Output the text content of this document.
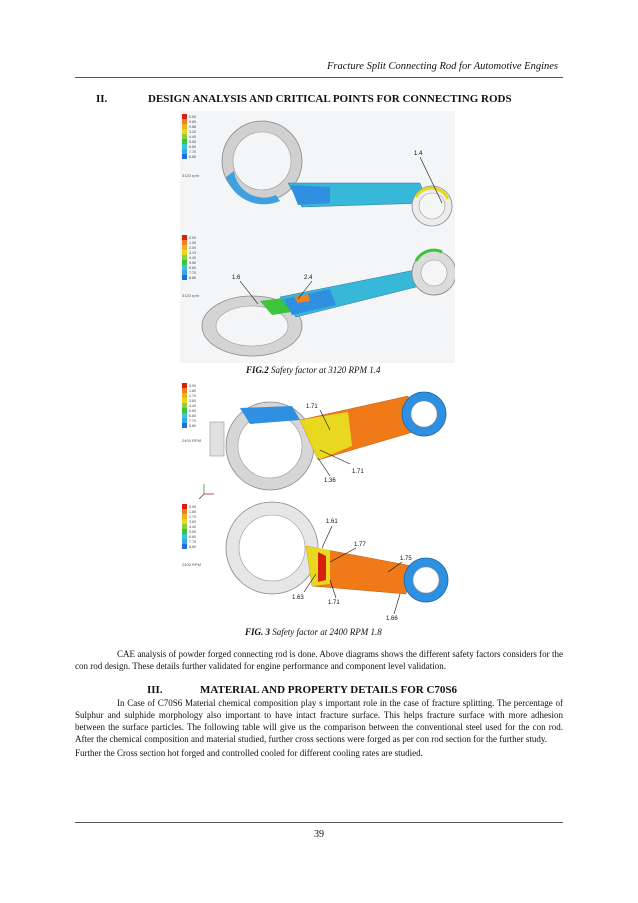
Fracture Split Connecting Rod for Automotive Engines
II.	DESIGN ANALYSIS AND CRITICAL POINTS FOR CONNECTING RODS
0.00
0.89
0.88
3.20
4.40
5.50
6.60
7.70
8.80
3120 rpm
1.4
0.00
1.09
2.09
3.19
4.40
5.50
6.60
7.70
8.80
3120 rpm
1.6	2.4
FIG.2 Safety factor at 3120 RPM 1.4
0.90
1.80
2.70
3.60
4.40
5.50
6.60
7.70
8.80
2400 RPM
1.71
1.71
1.36
0.90
1.80
2.70
3.60
4.40
5.50
6.60
7.70
8.80
2400 RPM
1.61
1.77
1.75
1.63
1.71
1.66
FIG. 3 Safety factor at 2400 RPM 1.8
CAE analysis of powder forged connecting rod is done. Above diagrams shows the different safety factors considers for the con rod design. These details further validated for engine performance and component level validation.
III.	MATERIAL AND PROPERTY DETAILS FOR C70S6
In Case of C70S6 Material chemical composition play s important role in the case of fracture splitting. The percentage of Sulphur and sulphide morphology also important to have intact fracture surface. This helps fracture surface with more adhesion between the surface particles. The following table will give us the comparison between the conventional steel used for the con rod. After the chemical composition and material studied, further cross sections were forged as per con rod section for the further study.
Further the Cross section hot forged and controlled cooled for different cooling rates are studied.
39
